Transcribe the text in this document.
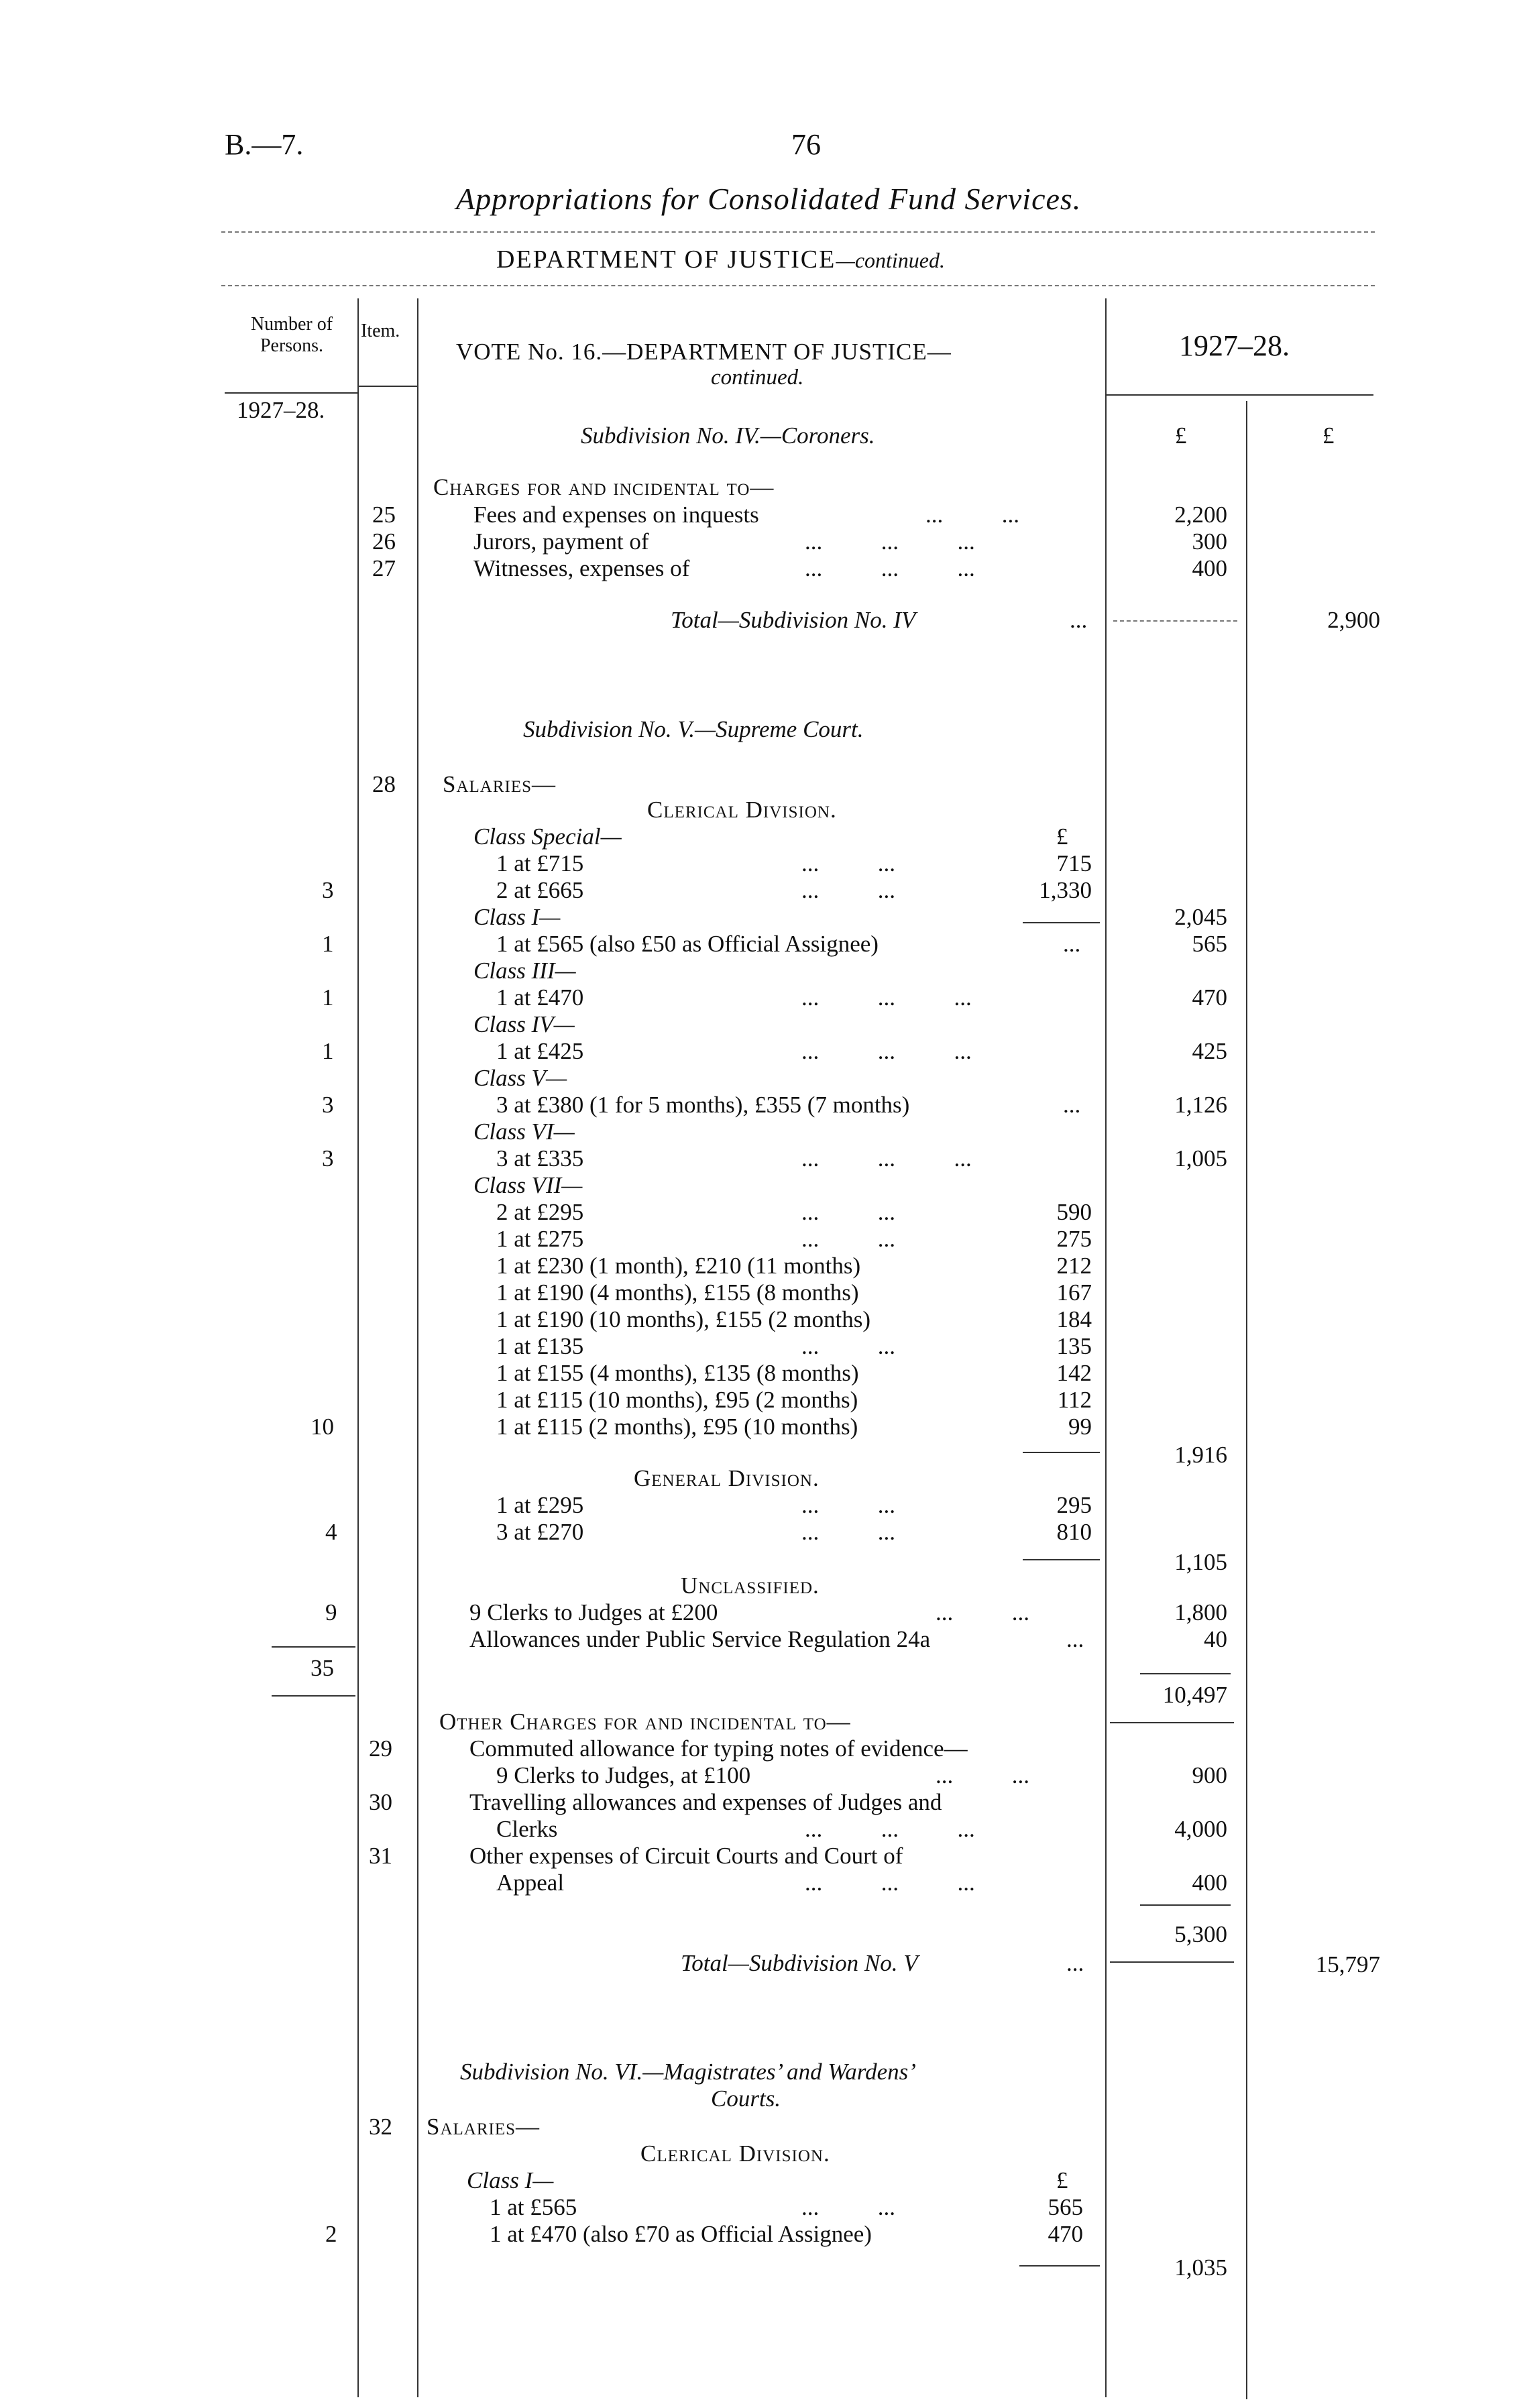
B.—7.	76
Appropriations for Consolidated Fund Services.
DEPARTMENT OF JUSTICE—continued.
Number of Persons.
Item.
VOTE No. 16.—DEPARTMENT OF JUSTICE—
continued.
1927–28.
1927–28.
Subdivision No. IV.—Coroners.	£	£
Charges for and incidental to—
25	Fees and expenses on inquests	...          ...	2,200
26	Jurors, payment of	...          ...          ...	300
27	Witnesses, expenses of	...          ...          ...	400
Total—Subdivision No. IV	...	2,900
Subdivision No. V.—Supreme Court.
28 Salaries—
Clerical Division.
Class Special—	£
1 at £715	...          ...	715
3	2 at £665	...          ...	1,330
Class I—	2,045
1	1 at £565 (also £50 as Official Assignee)	...	565
Class III—
1	1 at £470	...          ...          ...	470
Class IV—
1	1 at £425	...          ...          ...	425
Class V—
3	3 at £380 (1 for 5 months), £355 (7 months)	...	1,126
Class VI—
3	3 at £335	...          ...          ...	1,005
Class VII—
2 at £295	...          ...	590
1 at £275	...          ...	275
1 at £230 (1 month), £210 (11 months)	212
1 at £190 (4 months), £155 (8 months)	167
1 at £190 (10 months), £155 (2 months)	184
1 at £135	...          ...	135
1 at £155 (4 months), £135 (8 months)	142
1 at £115 (10 months), £95 (2 months)	112
10	1 at £115 (2 months), £95 (10 months)	99
1,916
General Division.
1 at £295	...          ...	295
4	3 at £270	...          ...	810
1,105
Unclassified.
9	9 Clerks to Judges at £200	...          ...	1,800
Allowances under Public Service Regulation 24a	...	40
35
10,497
Other Charges for and incidental to—
29	Commuted allowance for typing notes of evidence—
9 Clerks to Judges, at £100	...          ...	900
30	Travelling allowances and expenses of Judges and
Clerks	...          ...          ...	4,000
31	Other expenses of Circuit Courts and Court of
Appeal	...          ...          ...	400
5,300
Total—Subdivision No. V	...	15,797
Subdivision No. VI.—Magistrates’ and Wardens’
Courts.
32 Salaries—
Clerical Division.
Class I—	£
1 at £565	...          ...	565
2	1 at £470 (also £70 as Official Assignee)	470
1,035
